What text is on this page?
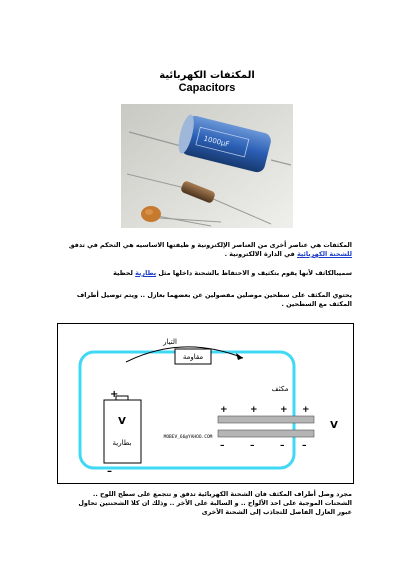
المكثفات الكهربائية
Capacitors
1000µF
المكثفات هي عناصر أخرى من العناصر الإلكترونية و ظيفتها الاساسيه هي التحكم في تدفق للشحنة الكهربائية في الدارة الالكترونية .
سميبالكاثف لأنها يقوم بتكثيف و الاحتفاظ بالشحنة داخلها مثل بطارية لحظية
يحتوي المكثف على سطحين موصلين مفصولين عن بعضهما بعازل .. ويتم توصيل أطراف المكثف مع السطحين .
التيار
مقاومة
+
–
V
بطارية
مكثف
+ + + +
–	–	– –
V
MOBEV_66@YAHOO.COM
مجرد وصل أطراف المكثف فان الشحنة الكهربائية تدفق و تتجمع على سطح اللوح .. الشحنات الموجبة على احد الألواح .. و السالبة على الأخر .. وذلك ان كلا الشحنتين تحاول عبور العازل الفاصل للتجاذب إلى الشحنة الأخرى
